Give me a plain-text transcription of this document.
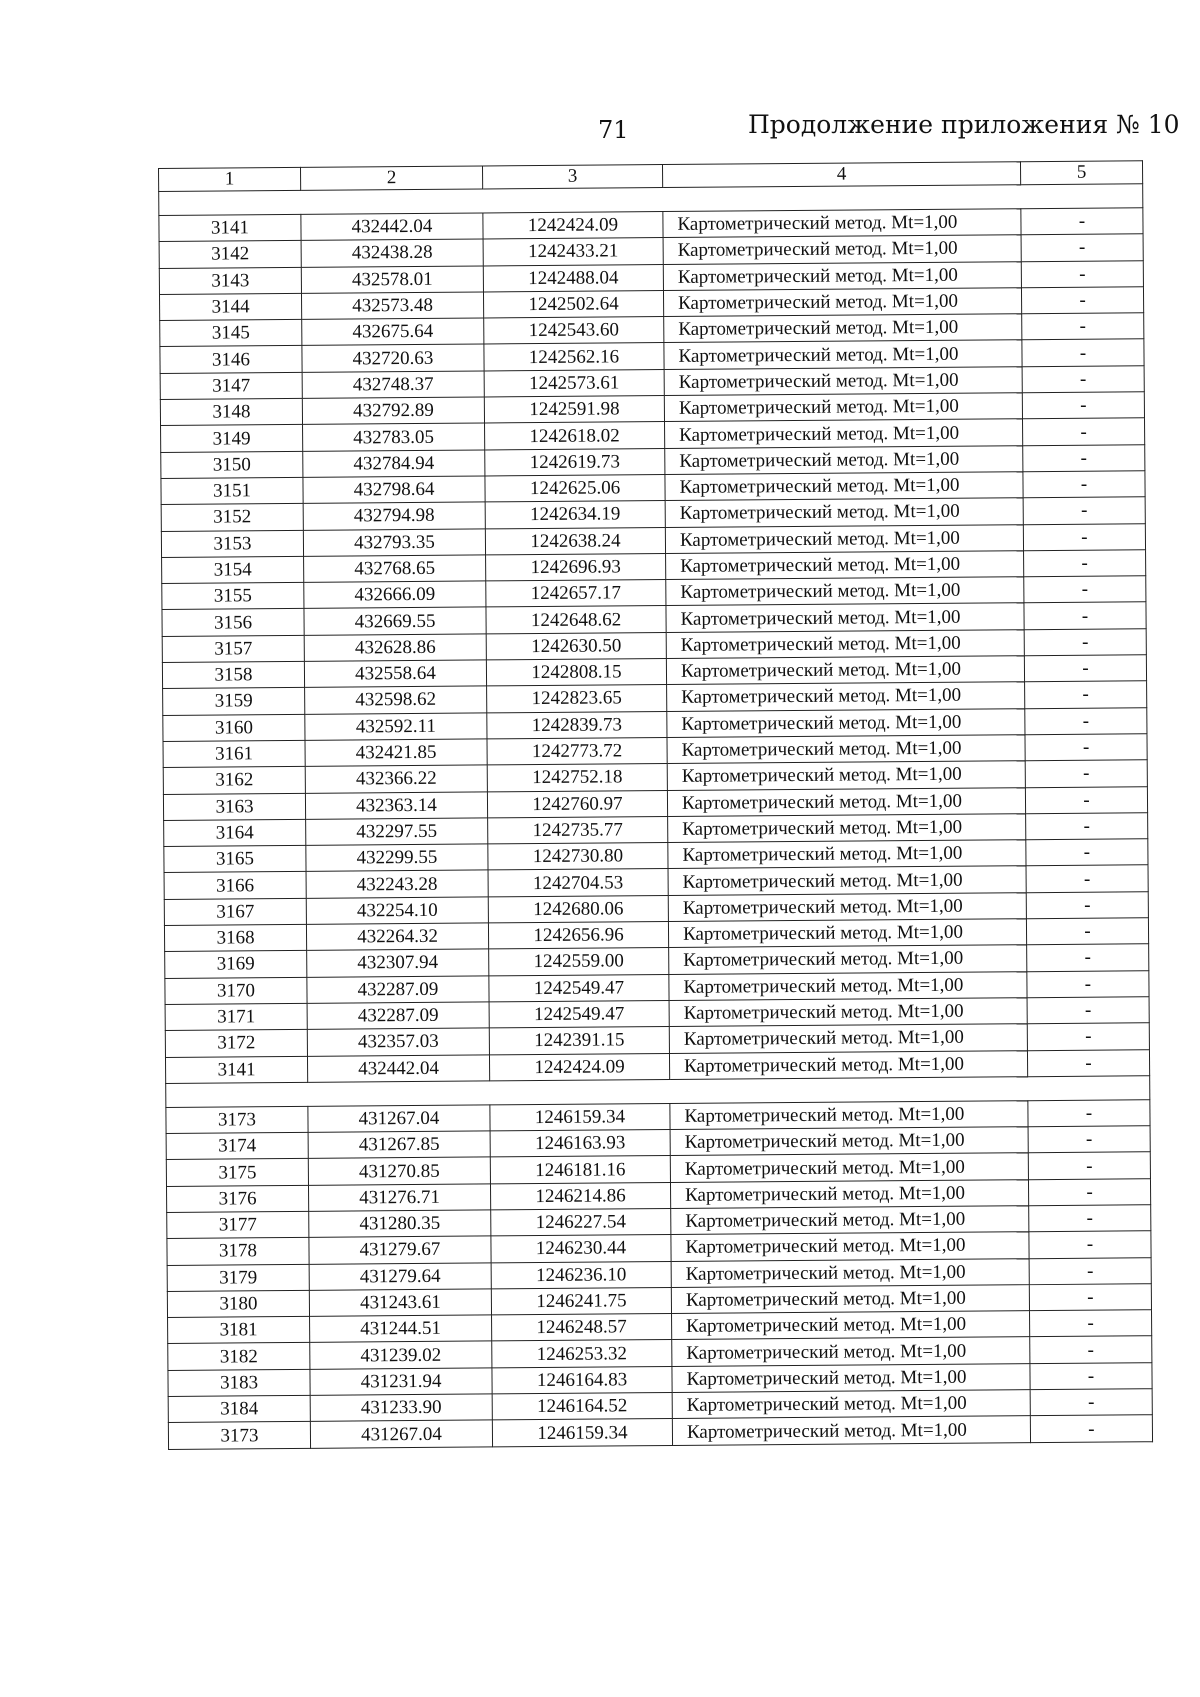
71	Продолжение приложения № 10
1	2	3	4	5

3141	432442.04	1242424.09	Картометрический метод. Mt=1,00	-
3142	432438.28	1242433.21	Картометрический метод. Mt=1,00	-
3143	432578.01	1242488.04	Картометрический метод. Mt=1,00	-
3144	432573.48	1242502.64	Картометрический метод. Mt=1,00	-
3145	432675.64	1242543.60	Картометрический метод. Mt=1,00	-
3146	432720.63	1242562.16	Картометрический метод. Mt=1,00	-
3147	432748.37	1242573.61	Картометрический метод. Mt=1,00	-
3148	432792.89	1242591.98	Картометрический метод. Mt=1,00	-
3149	432783.05	1242618.02	Картометрический метод. Mt=1,00	-
3150	432784.94	1242619.73	Картометрический метод. Mt=1,00	-
3151	432798.64	1242625.06	Картометрический метод. Mt=1,00	-
3152	432794.98	1242634.19	Картометрический метод. Mt=1,00	-
3153	432793.35	1242638.24	Картометрический метод. Mt=1,00	-
3154	432768.65	1242696.93	Картометрический метод. Mt=1,00	-
3155	432666.09	1242657.17	Картометрический метод. Mt=1,00	-
3156	432669.55	1242648.62	Картометрический метод. Mt=1,00	-
3157	432628.86	1242630.50	Картометрический метод. Mt=1,00	-
3158	432558.64	1242808.15	Картометрический метод. Mt=1,00	-
3159	432598.62	1242823.65	Картометрический метод. Mt=1,00	-
3160	432592.11	1242839.73	Картометрический метод. Mt=1,00	-
3161	432421.85	1242773.72	Картометрический метод. Mt=1,00	-
3162	432366.22	1242752.18	Картометрический метод. Mt=1,00	-
3163	432363.14	1242760.97	Картометрический метод. Mt=1,00	-
3164	432297.55	1242735.77	Картометрический метод. Mt=1,00	-
3165	432299.55	1242730.80	Картометрический метод. Mt=1,00	-
3166	432243.28	1242704.53	Картометрический метод. Mt=1,00	-
3167	432254.10	1242680.06	Картометрический метод. Mt=1,00	-
3168	432264.32	1242656.96	Картометрический метод. Mt=1,00	-
3169	432307.94	1242559.00	Картометрический метод. Mt=1,00	-
3170	432287.09	1242549.47	Картометрический метод. Mt=1,00	-
3171	432287.09	1242549.47	Картометрический метод. Mt=1,00	-
3172	432357.03	1242391.15	Картометрический метод. Mt=1,00	-
3141	432442.04	1242424.09	Картометрический метод. Mt=1,00	-

3173	431267.04	1246159.34	Картометрический метод. Mt=1,00	-
3174	431267.85	1246163.93	Картометрический метод. Mt=1,00	-
3175	431270.85	1246181.16	Картометрический метод. Mt=1,00	-
3176	431276.71	1246214.86	Картометрический метод. Mt=1,00	-
3177	431280.35	1246227.54	Картометрический метод. Mt=1,00	-
3178	431279.67	1246230.44	Картометрический метод. Mt=1,00	-
3179	431279.64	1246236.10	Картометрический метод. Mt=1,00	-
3180	431243.61	1246241.75	Картометрический метод. Mt=1,00	-
3181	431244.51	1246248.57	Картометрический метод. Mt=1,00	-
3182	431239.02	1246253.32	Картометрический метод. Mt=1,00	-
3183	431231.94	1246164.83	Картометрический метод. Mt=1,00	-
3184	431233.90	1246164.52	Картометрический метод. Mt=1,00	-
3173	431267.04	1246159.34	Картометрический метод. Mt=1,00	-
